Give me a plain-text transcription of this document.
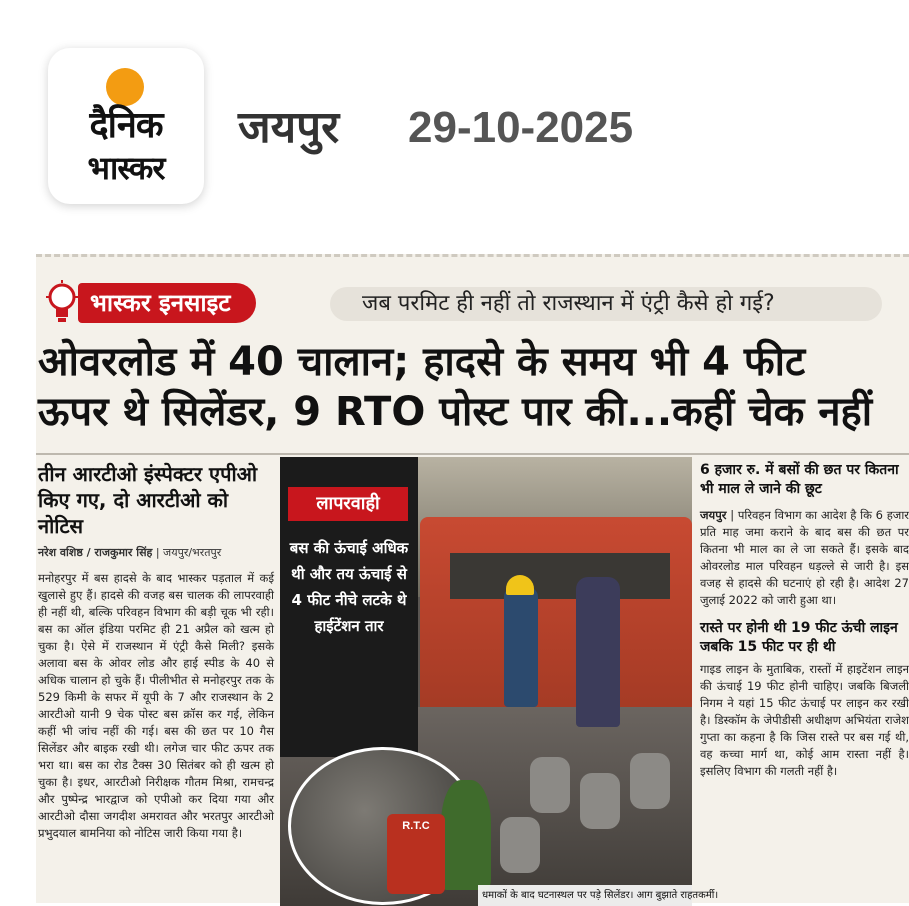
दैनिक
भास्कर
जयपुर 29-10-2025
भास्कर इनसाइट	जब परमिट ही नहीं तो राजस्थान में एंट्री कैसे हो गई?
ओवरलोड में 40 चालान; हादसे के समय भी 4 फीट
ऊपर थे सिलेंडर, 9 RTO पोस्ट पार की...कहीं चेक नहीं
तीन आरटीओ इंस्पेक्टर एपीओ किए गए, दो आरटीओ को नोटिस
नरेश वशिष्ठ / राजकुमार सिंह | जयपुर/भरतपुर
मनोहरपुर में बस हादसे के बाद भास्कर पड़ताल में कई खुलासे हुए हैं। हादसे की वजह बस चालक की लापरवाही ही नहीं थी, बल्कि परिवहन विभाग की बड़ी चूक भी रही। बस का ऑल इंडिया परमिट ही 21 अप्रैल को खत्म हो चुका है। ऐसे में राजस्थान में एंट्री कैसे मिली? इसके अलावा बस के ओवर लोड और हाई स्पीड के 40 से अधिक चालान हो चुके हैं। पीलीभीत से मनोहरपुर तक के 529 किमी के सफर में यूपी के 7 और राजस्थान के 2 आरटीओ यानी 9 चेक पोस्ट बस क्रॉस कर गई, लेकिन कहीं भी जांच नहीं की गई। बस की छत पर 10 गैस सिलेंडर और बाइक रखी थी। लगेज चार फीट ऊपर तक भरा था। बस का रोड टैक्स 30 सितंबर को ही खत्म हो चुका है। इधर, आरटीओ निरीक्षक गौतम मिश्रा, रामचन्द्र और पुष्पेन्द्र भारद्वाज को एपीओ कर दिया गया और आरटीओ दौसा जगदीश अमरावत और भरतपुर आरटीओ प्रभुदयाल बामनिया को नोटिस जारी किया गया है।
लापरवाही
बस की ऊंचाई अधिक थी और तय ऊंचाई से 4 फीट नीचे लटके थे हाईटेंशन तार
R.T.C
धमाकों के बाद घटनास्थल पर पड़े सिलेंडर। आग बुझाते राहतकर्मी।
6 हजार रु. में बसों की छत पर कितना भी माल ले जाने की छूट
जयपुर | परिवहन विभाग का आदेश है कि 6 हजार प्रति माह जमा कराने के बाद बस की छत पर कितना भी माल का ले जा सकते हैं। इसके बाद ओवरलोड माल परिवहन धड़ल्ले से जारी है। इस वजह से हादसे की घटनाएं हो रही है। आदेश 27 जुलाई 2022 को जारी हुआ था।
रास्ते पर होनी थी 19 फीट ऊंची लाइन जबकि 15 फीट पर ही थी
गाइड लाइन के मुताबिक, रास्तों में हाइटेंशन लाइन की ऊंचाई 19 फीट होनी चाहिए। जबकि बिजली निगम ने यहां 15 फीट ऊंचाई पर लाइन कर रखी है। डिस्कॉम के जेपीडीसी अधीक्षण अभियंता राजेश गुप्ता का कहना है कि जिस रास्ते पर बस गई थी, वह कच्चा मार्ग था, कोई आम रास्ता नहीं है। इसलिए विभाग की गलती नहीं है।
